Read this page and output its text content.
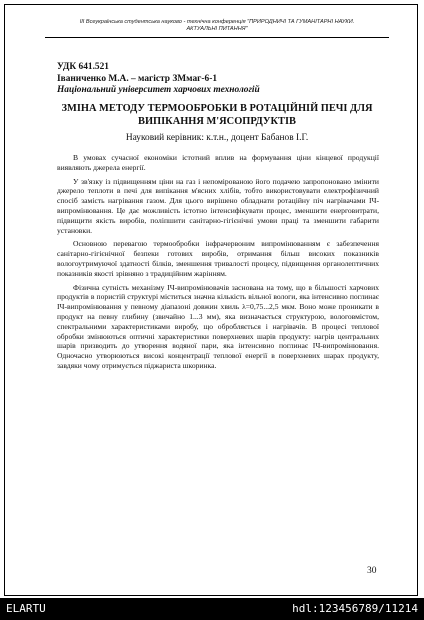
III Всеукраїнська студентська науково - технічна конференція "ПРИРОДНИЧІ ТА ГУМАНІТАРНІ НАУКИ.
АКТУАЛЬНІ ПИТАННЯ"
УДК 641.521
Іваниченко М.А. – магістр ЗМмаг-6-1
Національний університет харчових технологій
ЗМІНА МЕТОДУ ТЕРМООБРОБКИ В РОТАЦІЙНІЙ ПЕЧІ ДЛЯ ВИПІКАННЯ М'ЯСОПРДУКТІВ
Науковий керівник: к.т.н., доцент Бабанов І.Г.

В умовах сучасної економіки істотний вплив на формування ціни кінцевої продукції виявляють джерела енергії.

У зв'язку із підвищенням ціни на газ і непомірованою його подачею запропоновано змінити джерело теплоти в печі для випікання м'ясних хлібів, тобто використовувати електрофізичний спосіб замість нагрівання газом. Для цього вирішено обладнати ротаційну піч нагрівачами ІЧ-випромінювання. Це дає можливість істотно інтенсифікувати процес, зменшити енерговитрати, підвищити якість виробів, поліпшити санітарно-гігієнічні умови праці та зменшити габарити установки.

Основною перевагою термообробки інфрачервоним випромінюванням є забезпечення санітарно-гігієнічної безпеки готових виробів, отримання більш високих показників вологоутримуючої здатності білків, зменшення тривалості процесу, підвищення органолептичних показників якості зрівняно з традиційним жарінням.

Фізична сутність механізму ІЧ-випромінювачів заснована на тому, що в більшості харчових продуктів в пористій структурі міститься значна кількість вільної вологи, яка інтенсивно поглинає ІЧ-випромінювання у певному діапазоні довжин хвиль λ=0,75...2,5 мкм. Воно може проникати в продукт на певну глибину (звичайно 1...3 мм), яка визначається структурою, вологовмістом, спектральними характеристиками виробу, що обробляється і нагрівачів. В процесі теплової обробки змінюються оптичні характеристики поверхневих шарів продукту: нагрів центральних шарів призводить до утворення водяної пари, яка інтенсивно поглинає ІЧ-випромінювання. Одночасно утворюються високі концентрації теплової енергії в поверхневих шарах продукту, завдяки чому отримується піджариста шкоринка.

30
ELARTU	hdl:123456789/11214
